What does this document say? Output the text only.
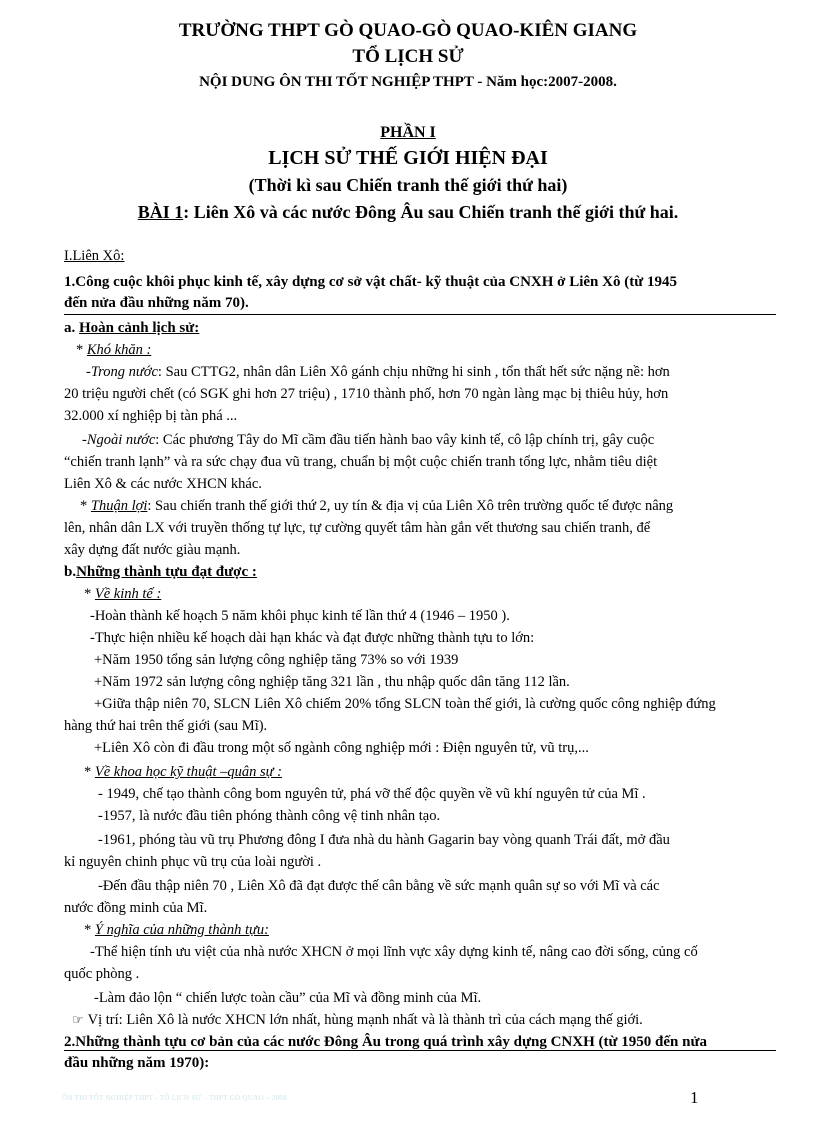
TRƯỜNG THPT GÒ QUAO-GÒ QUAO-KIÊN GIANG
TỔ LỊCH SỬ
NỘI DUNG ÔN THI TỐT NGHIỆP THPT - Năm học:2007-2008.
PHẦN I
LỊCH SỬ THẾ GIỚI HIỆN ĐẠI
(Thời kì sau Chiến tranh thế giới thứ hai)
BÀI 1: Liên Xô và các nước Đông Âu sau Chiến tranh thế giới thứ hai.
I.Liên Xô:
1.Công cuộc khôi phục kinh tế, xây dựng cơ sở vật chất- kỹ thuật của CNXH ở Liên Xô (từ 1945
đến nửa đầu những năm 70).
a. Hoàn cảnh lịch sử:
* Khó khăn :
-Trong nước: Sau CTTG2, nhân dân Liên Xô gánh chịu những hi sinh , tổn thất hết sức nặng nề: hơn
20 triệu người chết (có SGK ghi hơn 27 triệu) , 1710 thành phố, hơn 70 ngàn làng mạc bị thiêu hủy, hơn
32.000 xí nghiệp bị tàn phá ...
-Ngoài nước: Các phương Tây do Mĩ cầm đầu tiến hành bao vây kinh tế, cô lập chính trị, gây cuộc
“chiến tranh lạnh” và ra sức chạy đua vũ trang, chuẩn bị một cuộc chiến tranh tổng lực, nhằm tiêu diệt
Liên Xô & các nước XHCN khác.
* Thuận lợi: Sau chiến tranh thế giới thứ 2, uy tín & địa vị của Liên Xô trên trường quốc tế được nâng
lên, nhân dân LX với truyền thống tự lực, tự cường quyết tâm hàn gắn vết thương sau chiến tranh, để
xây dựng đất nước giàu mạnh.
b.Những thành tựu đạt được :
* Về kinh tế :
-Hoàn thành kế hoạch 5 năm khôi phục kinh tế lần thứ 4 (1946 – 1950 ).
-Thực hiện nhiều kế hoạch dài hạn khác và đạt được những thành tựu to lớn:
+Năm 1950 tổng sản lượng công nghiệp tăng 73% so với 1939
+Năm 1972 sản lượng công nghiệp tăng 321 lần , thu nhập quốc dân tăng 112 lần.
+Giữa thập niên 70, SLCN Liên Xô chiếm 20% tổng SLCN toàn thế giới, là cường quốc công nghiệp đứng
hàng thứ hai trên thế giới (sau Mĩ).
+Liên Xô còn đi đầu trong một số ngành công nghiệp mới : Điện nguyên tử, vũ trụ,...
* Về khoa học kỹ thuật –quân sự :
- 1949, chế tạo thành công bom nguyên tử, phá vỡ thế độc quyền về vũ khí nguyên tử của Mĩ .
-1957, là nước đầu tiên phóng thành công vệ tinh nhân tạo.
-1961, phóng tàu vũ trụ Phương đông I đưa nhà du hành Gagarin bay vòng quanh Trái đất, mở đầu
kỉ nguyên chinh phục vũ trụ của loài người .
-Đến đầu thập niên 70 , Liên Xô đã đạt được thế cân bằng về sức mạnh quân sự so với Mĩ và các
nước đồng minh của Mĩ.
* Ý nghĩa của những thành tựu:
-Thể hiện tính ưu việt của nhà nước XHCN ở mọi lĩnh vực xây dựng kinh tế, nâng cao đời sống, củng cố
quốc phòng .
-Làm đảo lộn “ chiến lược toàn cầu” của Mĩ và đồng minh của Mĩ.
☞ Vị trí: Liên Xô là nước XHCN lớn nhất, hùng mạnh nhất và là thành trì của cách mạng thế giới.
2.Những thành tựu cơ bản của các nước Đông Âu trong quá trình xây dựng CNXH (từ 1950 đến nửa
đầu những năm 1970):
ÔN THI TỐT NGHIỆP THPT - TỔ LỊCH SỬ – THPT GÒ QUAO – 2008	1
